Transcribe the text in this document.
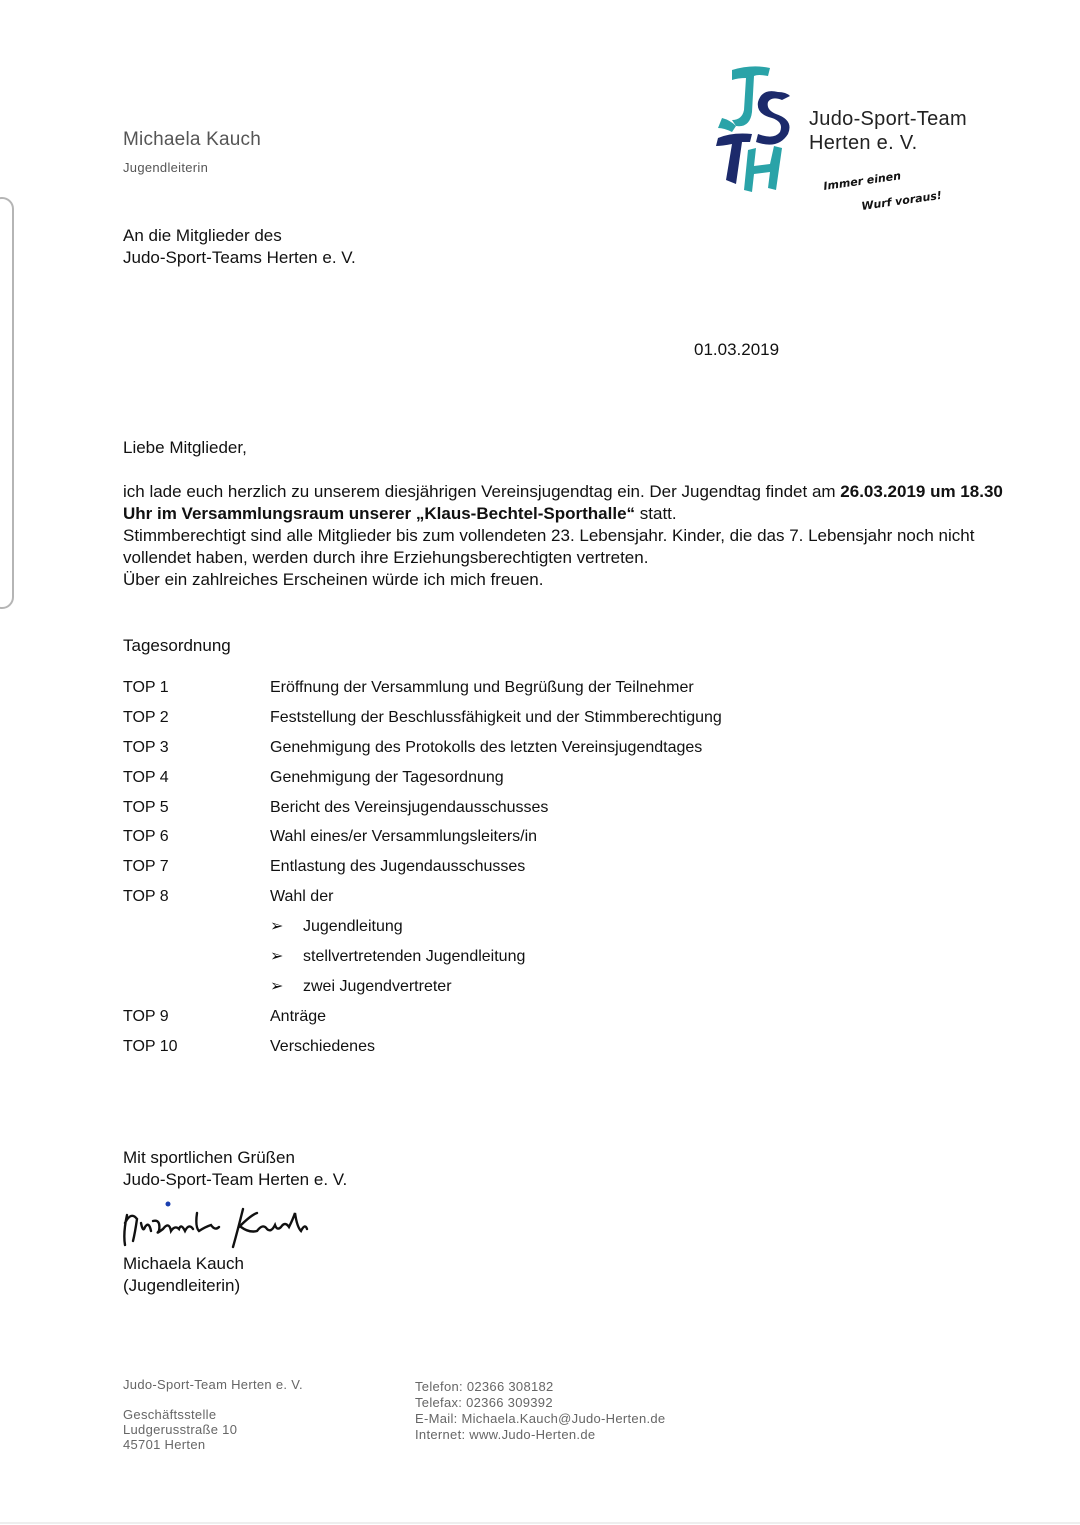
Michaela Kauch
Jugendleiterin
Judo-Sport-Team
Herten e. V.
Immer einen
Wurf voraus!
An die Mitglieder des
Judo-Sport-Teams Herten e. V.
01.03.2019
Liebe Mitglieder,
ich lade euch herzlich zu unserem diesjährigen Vereinsjugendtag ein. Der Jugendtag findet am 26.03.2019 um 18.30 Uhr im Versammlungsraum unserer „Klaus-Bechtel-Sporthalle“ statt.
Stimmberechtigt sind alle Mitglieder bis zum vollendeten 23. Lebensjahr. Kinder, die das 7. Lebensjahr noch nicht vollendet haben, werden durch ihre Erziehungsberechtigten vertreten.
Über ein zahlreiches Erscheinen würde ich mich freuen.
Tagesordnung
TOP 1	Eröffnung der Versammlung und Begrüßung der Teilnehmer
TOP 2	Feststellung der Beschlussfähigkeit und der Stimmberechtigung
TOP 3	Genehmigung des Protokolls des letzten Vereinsjugendtages
TOP 4	Genehmigung der Tagesordnung
TOP 5	Bericht des Vereinsjugendausschusses
TOP 6	Wahl eines/er Versammlungsleiters/in
TOP 7	Entlastung des Jugendausschusses
TOP 8	Wahl der
➢	Jugendleitung
➢	stellvertretenden Jugendleitung
➢	zwei Jugendvertreter
TOP 9	Anträge
TOP 10	Verschiedenes
Mit sportlichen Grüßen
Judo-Sport-Team Herten e. V.
Michaela Kauch
(Jugendleiterin)
Judo-Sport-Team Herten e. V.
Geschäftsstelle
Ludgerusstraße 10
45701 Herten
Telefon: 02366 308182
Telefax: 02366 309392
E-Mail: Michaela.Kauch@Judo-Herten.de
Internet: www.Judo-Herten.de
